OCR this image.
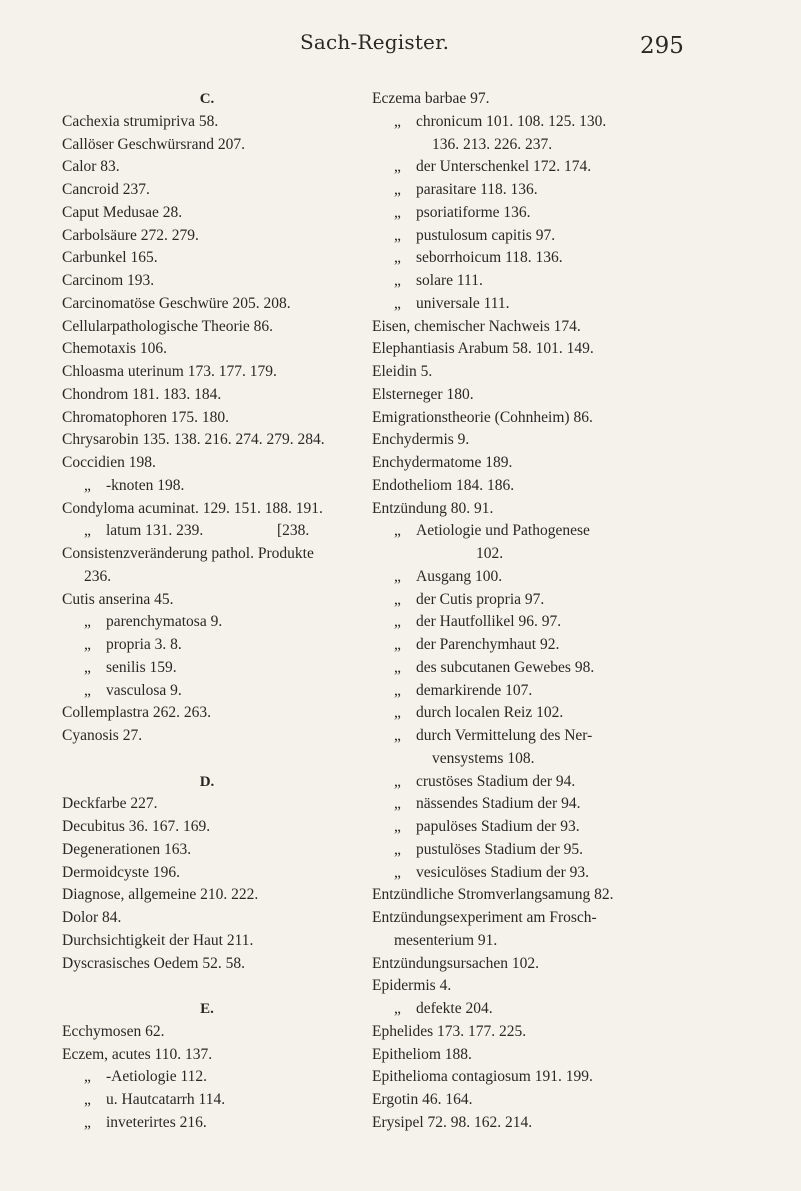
Sach-Register.	295
C.
Cachexia strumipriva 58.
Callöser Geschwürsrand 207.
Calor 83.
Cancroid 237.
Caput Medusae 28.
Carbolsäure 272. 279.
Carbunkel 165.
Carcinom 193.
Carcinomatöse Geschwüre 205. 208.
Cellularpathologische Theorie 86.
Chemotaxis 106.
Chloasma uterinum 173. 177. 179.
Chondrom 181. 183. 184.
Chromatophoren 175. 180.
Chrysarobin 135. 138. 216. 274. 279. 284.
Coccidien 198.
„ -knoten 198.
Condyloma acuminat. 129. 151. 188. 191.
„ latum 131. 239.	[238.
Consistenzveränderung pathol. Produkte
236.
Cutis anserina 45.
„ parenchymatosa 9.
„ propria 3. 8.
„ senilis 159.
„ vasculosa 9.
Collemplastra 262. 263.
Cyanosis 27.
D.
Deckfarbe 227.
Decubitus 36. 167. 169.
Degenerationen 163.
Dermoidcyste 196.
Diagnose, allgemeine 210. 222.
Dolor 84.
Durchsichtigkeit der Haut 211.
Dyscrasisches Oedem 52. 58.
E.
Ecchymosen 62.
Eczem, acutes 110. 137.
„ -Aetiologie 112.
„ u. Hautcatarrh 114.
„ inveterirtes 216.
Eczema barbae 97.
„ chronicum 101. 108. 125. 130.
136. 213. 226. 237.
„ der Unterschenkel 172. 174.
„ parasitare 118. 136.
„ psoriatiforme 136.
„ pustulosum capitis 97.
„ seborrhoicum 118. 136.
„ solare 111.
„ universale 111.
Eisen, chemischer Nachweis 174.
Elephantiasis Arabum 58. 101. 149.
Eleidin 5.
Elsterneger 180.
Emigrationstheorie (Cohnheim) 86.
Enchydermis 9.
Enchydermatome 189.
Endotheliom 184. 186.
Entzündung 80. 91.
„ Aetiologie und Pathogenese
102.
„ Ausgang 100.
„ der Cutis propria 97.
„ der Hautfollikel 96. 97.
„ der Parenchymhaut 92.
„ des subcutanen Gewebes 98.
„ demarkirende 107.
„ durch localen Reiz 102.
„ durch Vermittelung des Ner-
vensystems 108.
„ crustöses Stadium der 94.
„ nässendes Stadium der 94.
„ papulöses Stadium der 93.
„ pustulöses Stadium der 95.
„ vesiculöses Stadium der 93.
Entzündliche Stromverlangsamung 82.
Entzündungsexperiment am Frosch-
mesenterium 91.
Entzündungsursachen 102.
Epidermis 4.
„ defekte 204.
Ephelides 173. 177. 225.
Epitheliom 188.
Epithelioma contagiosum 191. 199.
Ergotin 46. 164.
Erysipel 72. 98. 162. 214.
